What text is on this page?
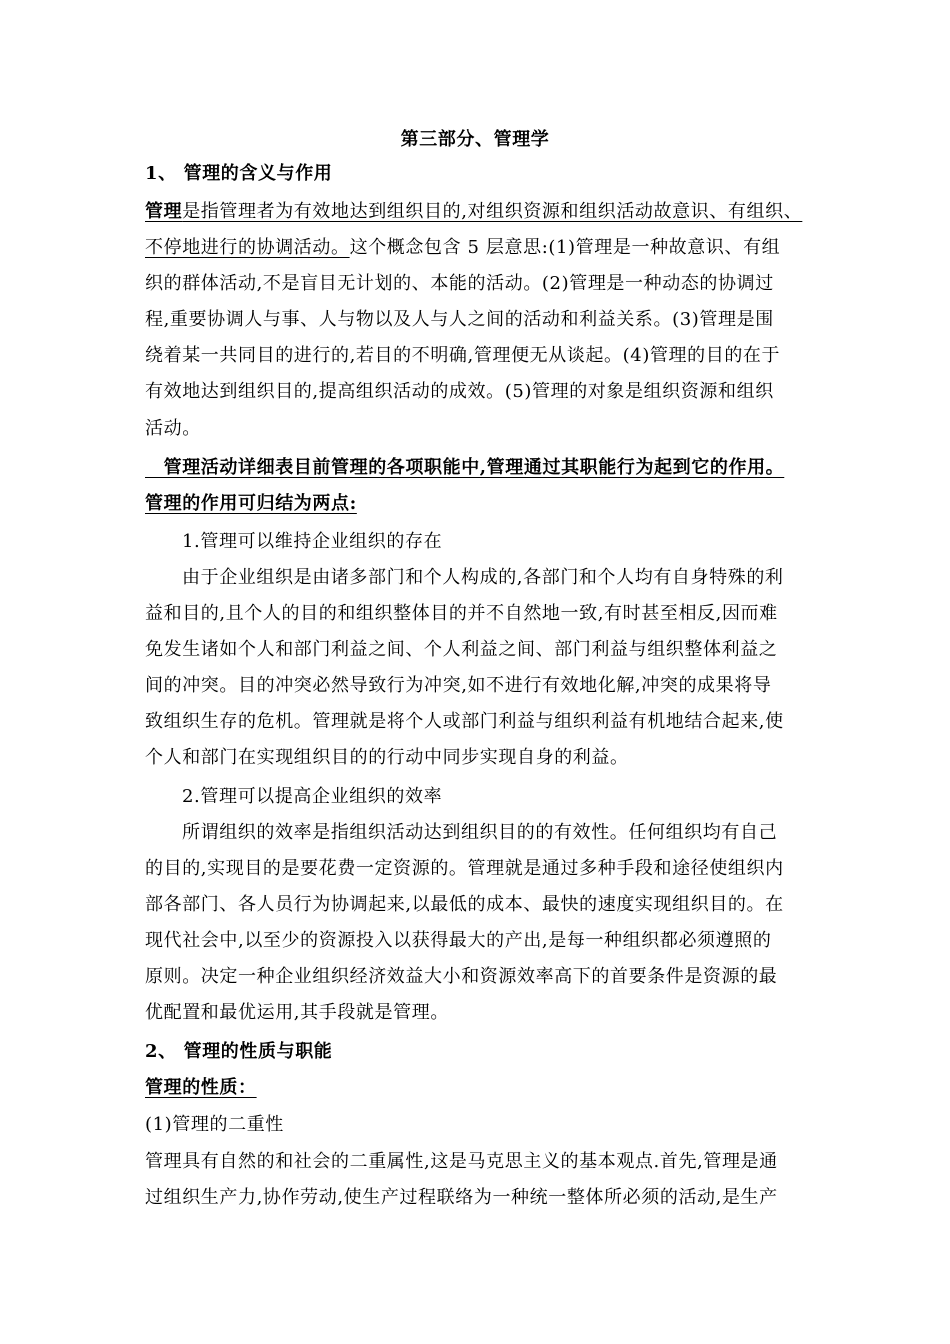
第三部分、管理学
1、 管理的含义与作用
管理是指管理者为有效地达到组织目的,对组织资源和组织活动故意识、有组织、
不停地进行的协调活动。这个概念包含 5 层意思:(1)管理是一种故意识、有组
织的群体活动,不是盲目无计划的、本能的活动。(2)管理是一种动态的协调过
程,重要协调人与事、人与物以及人与人之间的活动和利益关系。(3)管理是围
绕着某一共同目的进行的,若目的不明确,管理便无从谈起。(4)管理的目的在于
有效地达到组织目的,提高组织活动的成效。(5)管理的对象是组织资源和组织
活动。
　管理活动详细表目前管理的各项职能中,管理通过其职能行为起到它的作用。
管理的作用可归结为两点:
1.管理可以维持企业组织的存在
由于企业组织是由诸多部门和个人构成的,各部门和个人均有自身特殊的利
益和目的,且个人的目的和组织整体目的并不自然地一致,有时甚至相反,因而难
免发生诸如个人和部门利益之间、个人利益之间、部门利益与组织整体利益之
间的冲突。目的冲突必然导致行为冲突,如不进行有效地化解,冲突的成果将导
致组织生存的危机。管理就是将个人或部门利益与组织利益有机地结合起来,使
个人和部门在实现组织目的的行动中同步实现自身的利益。
2.管理可以提高企业组织的效率
所谓组织的效率是指组织活动达到组织目的的有效性。任何组织均有自己
的目的,实现目的是要花费一定资源的。管理就是通过多种手段和途径使组织内
部各部门、各人员行为协调起来,以最低的成本、最快的速度实现组织目的。在
现代社会中,以至少的资源投入以获得最大的产出,是每一种组织都必须遵照的
原则。决定一种企业组织经济效益大小和资源效率高下的首要条件是资源的最
优配置和最优运用,其手段就是管理。
2、 管理的性质与职能
管理的性质：
(1)管理的二重性
管理具有自然的和社会的二重属性,这是马克思主义的基本观点.首先,管理是通
过组织生产力,协作劳动,使生产过程联络为一种统一整体所必须的活动,是生产
